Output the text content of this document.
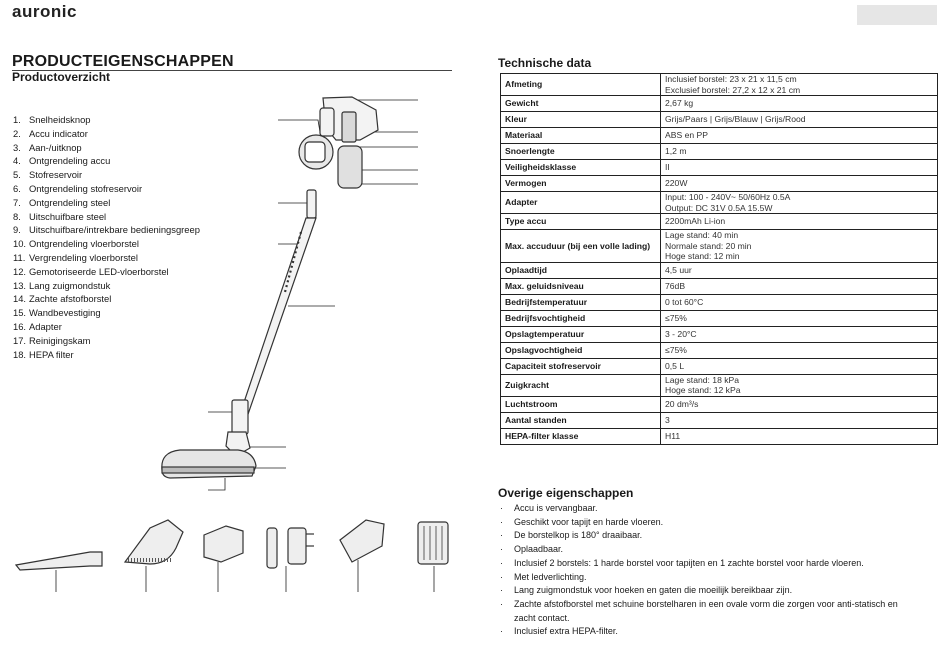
auronic
PRODUCTEIGENSCHAPPEN
Productoverzicht
1. Snelheidsknop
2. Accu indicator
3. Aan-/uitknop
4. Ontgrendeling accu
5. Stofreservoir
6. Ontgrendeling stofreservoir
7. Ontgrendeling steel
8. Uitschuifbare steel
9. Uitschuifbare/intrekbare bedieningsgreep
10. Ontgrendeling vloerborstel
11. Vergrendeling vloerborstel
12. Gemotoriseerde LED-vloerborstel
13. Lang zuigmondstuk
14. Zachte afstofborstel
15. Wandbevestiging
16. Adapter
17. Reinigingskam
18. HEPA filter
Technische data
Afmeting	Inclusief borstel: 23 x 21 x 11,5 cm
Exclusief borstel: 27,2 x 12 x 21 cm

Gewicht	2,67 kg

Kleur	Grijs/Paars | Grijs/Blauw | Grijs/Rood

Materiaal	ABS en PP

Snoerlengte	1,2 m

Veiligheidsklasse	II

Vermogen	220W

Adapter	Input: 100 - 240V~ 50/60Hz 0.5A
Output: DC 31V 0.5A 15.5W

Type accu	2200mAh Li-ion

Max. accuduur (bij een volle lading)	Lage stand: 40 min
Normale stand: 20 min
Hoge stand: 12 min

Oplaadtijd	4,5 uur

Max. geluidsniveau	76dB

Bedrijfstemperatuur	0 tot 60°C

Bedrijfsvochtigheid	≤75%

Opslagtemperatuur	3 - 20°C

Opslagvochtigheid	≤75%

Capaciteit stofreservoir	0,5 L

Zuigkracht	Lage stand: 18 kPa
Hoge stand: 12 kPa

Luchtstroom	20 dm³/s

Aantal standen	3

HEPA-filter klasse	H11
Overige eigenschappen
· Accu is vervangbaar.
· Geschikt voor tapijt en harde vloeren.
· De borstelkop is 180° draaibaar.
· Oplaadbaar.
· Inclusief 2 borstels: 1 harde borstel voor tapijten en 1 zachte borstel voor harde vloeren.
· Met ledverlichting.
· Lang zuigmondstuk voor hoeken en gaten die moeilijk bereikbaar zijn.
· Zachte afstofborstel met schuine borstelharen in een ovale vorm die zorgen voor anti-statisch en zacht contact.
· Inclusief extra HEPA-filter.
